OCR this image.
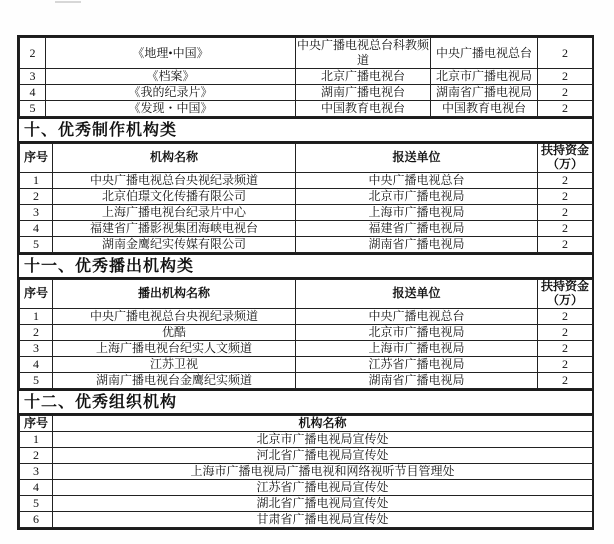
2	《地理•中国》	中央广播电视总台科教频道	中央广播电视总台	2
3	《档案》	北京广播电视台	北京市广播电视局	2
4	《我的纪录片》	湖南广播电视台	湖南省广播电视局	2
5	《发现・中国》	中国教育电视台	中国教育电视台	2
十、优秀制作机构类
序号	机构名称	报送单位	扶持资金
（万）

1	中央广播电视总台央视纪录频道	中央广播电视总台	2
2	北京伯璟文化传播有限公司	北京市广播电视局	2
3	上海广播电视台纪录片中心	上海市广播电视局	2
4	福建省广播影视集团海峡电视台	福建省广播电视局	2
5	湖南金鹰纪实传媒有限公司	湖南省广播电视局	2
十一、优秀播出机构类
序号	播出机构名称	报送单位	扶持资金
（万）

1	中央广播电视总台央视纪录频道	中央广播电视总台	2
2	优酷	北京市广播电视局	2
3	上海广播电视台纪实人文频道	上海市广播电视局	2
4	江苏卫视	江苏省广播电视局	2
5	湖南广播电视台金鹰纪实频道	湖南省广播电视局	2
十二、优秀组织机构
序号	机构名称
1	北京市广播电视局宣传处
2	河北省广播电视局宣传处
3	上海市广播电视局广播电视和网络视听节目管理处
4	江苏省广播电视局宣传处
5	湖北省广播电视局宣传处
6	甘肃省广播电视局宣传处
